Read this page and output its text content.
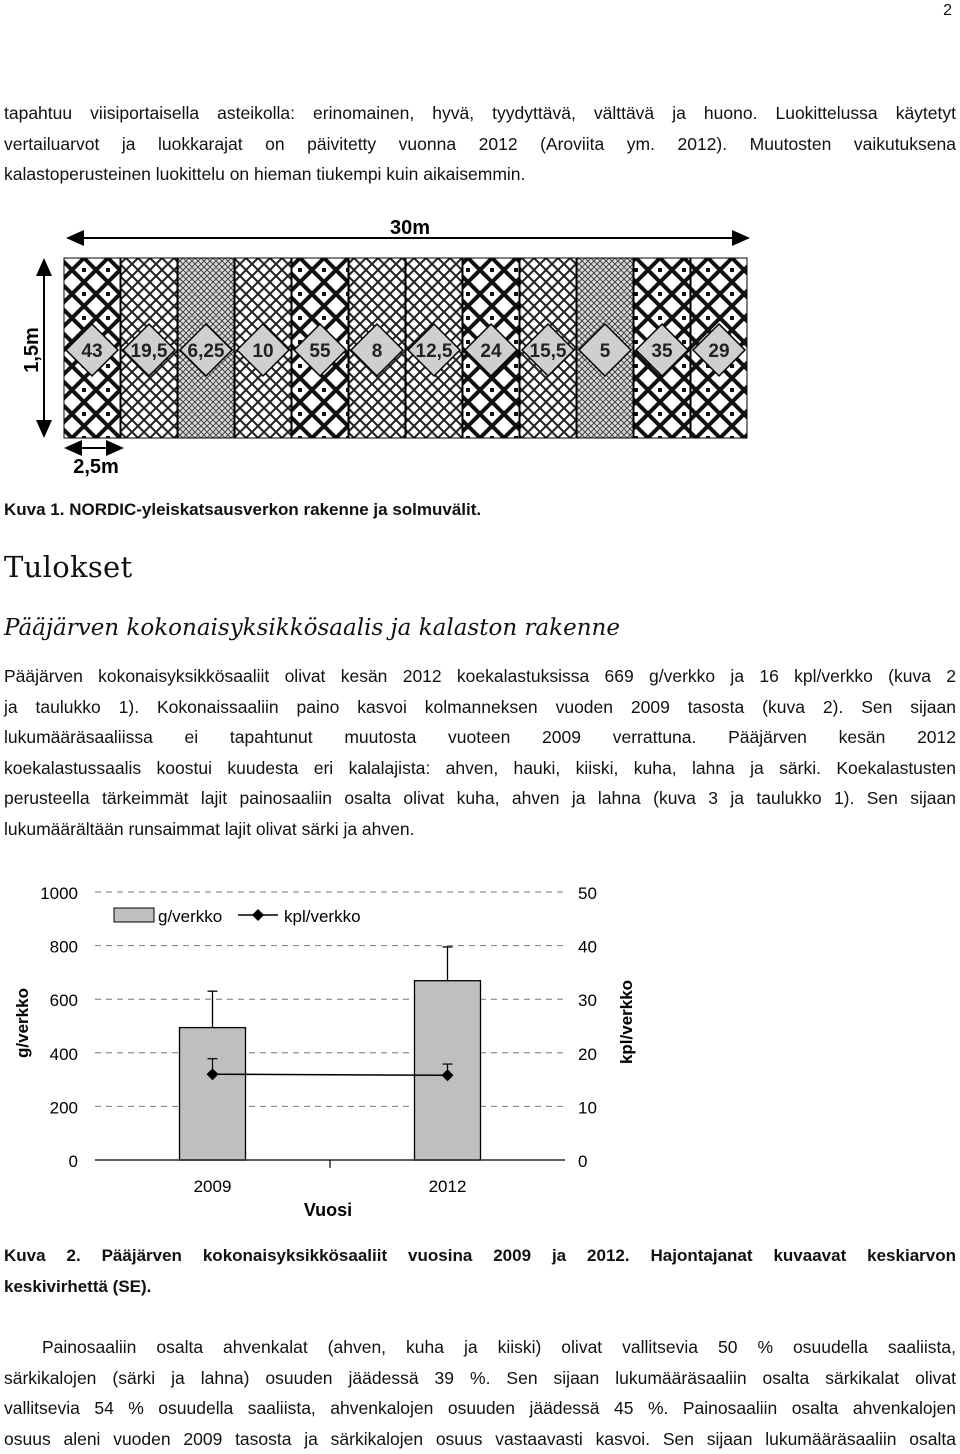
2
tapahtuu viisiportaisella asteikolla: erinomainen, hyvä, tyydyttävä, välttävä ja huono. Luokittelussa käytetyt
vertailuarvot ja luokkarajat on päivitetty vuonna 2012 (Aroviita ym. 2012). Muutosten vaikutuksena
kalastoperusteinen luokittelu on hieman tiukempi kuin aikaisemmin.
30m
1,5m 43 19,5 6,25 10 55 8 12,5 24 15,5 5 35 29
2,5m
Kuva 1. NORDIC-yleiskatsausverkon rakenne ja solmuvälit.
Tulokset
Pääjärven kokonaisyksikkösaalis ja kalaston rakenne
Pääjärven kokonaisyksikkösaaliit olivat kesän 2012 koekalastuksissa 669 g/verkko ja 16 kpl/verkko (kuva 2
ja taulukko 1). Kokonaissaaliin paino kasvoi kolmanneksen vuoden 2009 tasosta (kuva 2). Sen sijaan
lukumääräsaaliissa ei tapahtunut muutosta vuoteen 2009 verrattuna. Pääjärven kesän 2012
koekalastussaalis koostui kuudesta eri kalalajista: ahven, hauki, kiiski, kuha, lahna ja särki. Koekalastusten
perusteella tärkeimmät lajit painosaaliin osalta olivat kuha, ahven ja lahna (kuva 3 ja taulukko 1). Sen sijaan
lukumäärältään runsaimmat lajit olivat särki ja ahven.
0
200
400
600
800
1000
0
10
20
30
40
50
2009	2012
g/verkko	kpl/verkko
Vuosi
g/verkko	kpl/verkko
Kuva 2. Pääjärven kokonaisyksikkösaaliit vuosina 2009 ja 2012. Hajontajanat kuvaavat keskiarvon
keskivirhettä (SE).
Painosaaliin osalta ahvenkalat (ahven, kuha ja kiiski) olivat vallitsevia 50 % osuudella saaliista,
särkikalojen (särki ja lahna) osuuden jäädessä 39 %. Sen sijaan lukumääräsaaliin osalta särkikalat olivat
vallitsevia 54 % osuudella saaliista, ahvenkalojen osuuden jäädessä 45 %. Painosaaliin osalta ahvenkalojen
osuus aleni vuoden 2009 tasosta ja särkikalojen osuus vastaavasti kasvoi. Sen sijaan lukumääräsaaliin osalta
